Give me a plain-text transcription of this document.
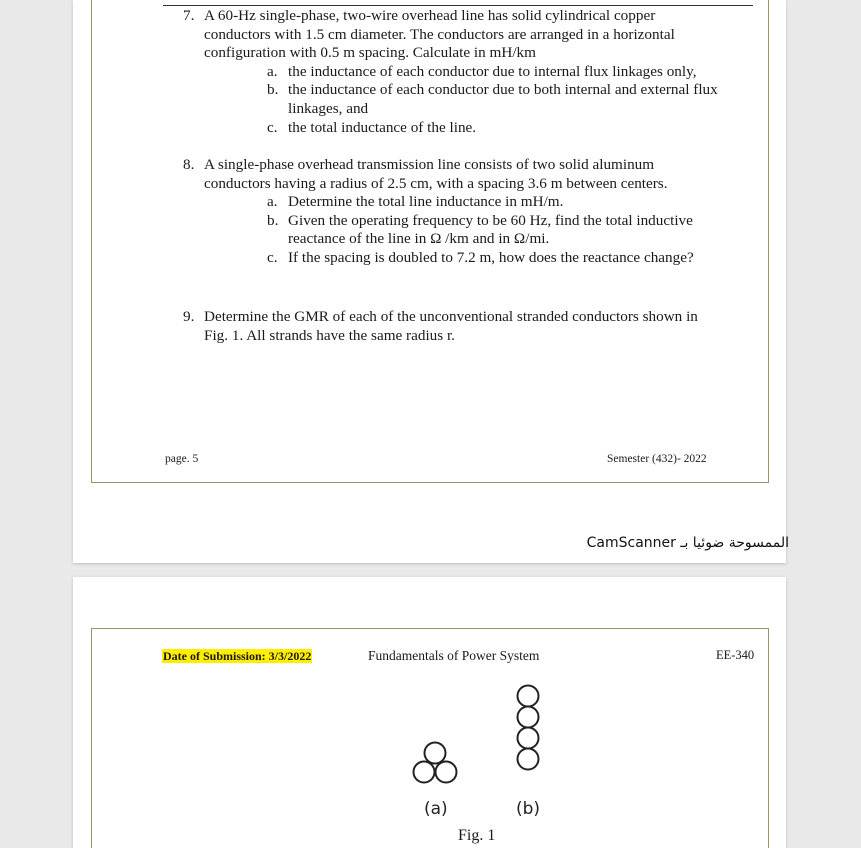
7. A 60-Hz single-phase, two-wire overhead line has solid cylindrical copper
conductors with 1.5 cm diameter. The conductors are arranged in a horizontal
configuration with 0.5 m spacing. Calculate in mH/km
a. the inductance of each conductor due to internal flux linkages only,
b. the inductance of each conductor due to both internal and external flux
linkages, and
c. the total inductance of the line.
8. A single-phase overhead transmission line consists of two solid aluminum
conductors having a radius of 2.5 cm, with a spacing 3.6 m between centers.
a. Determine the total line inductance in mH/m.
b. Given the operating frequency to be 60 Hz, find the total inductive
reactance of the line in Ω /km and in Ω/mi.
c. If the spacing is doubled to 7.2 m, how does the reactance change?
9. Determine the GMR of each of the unconventional stranded conductors shown in
Fig. 1. All strands have the same radius r.
page. 5	Semester (432)- 2022
الممسوحة ضوئيا بـ CamScanner
Date of Submission: 3/3/2022	Fundamentals of Power System	EE-340
(a)	(b)
Fig. 1
